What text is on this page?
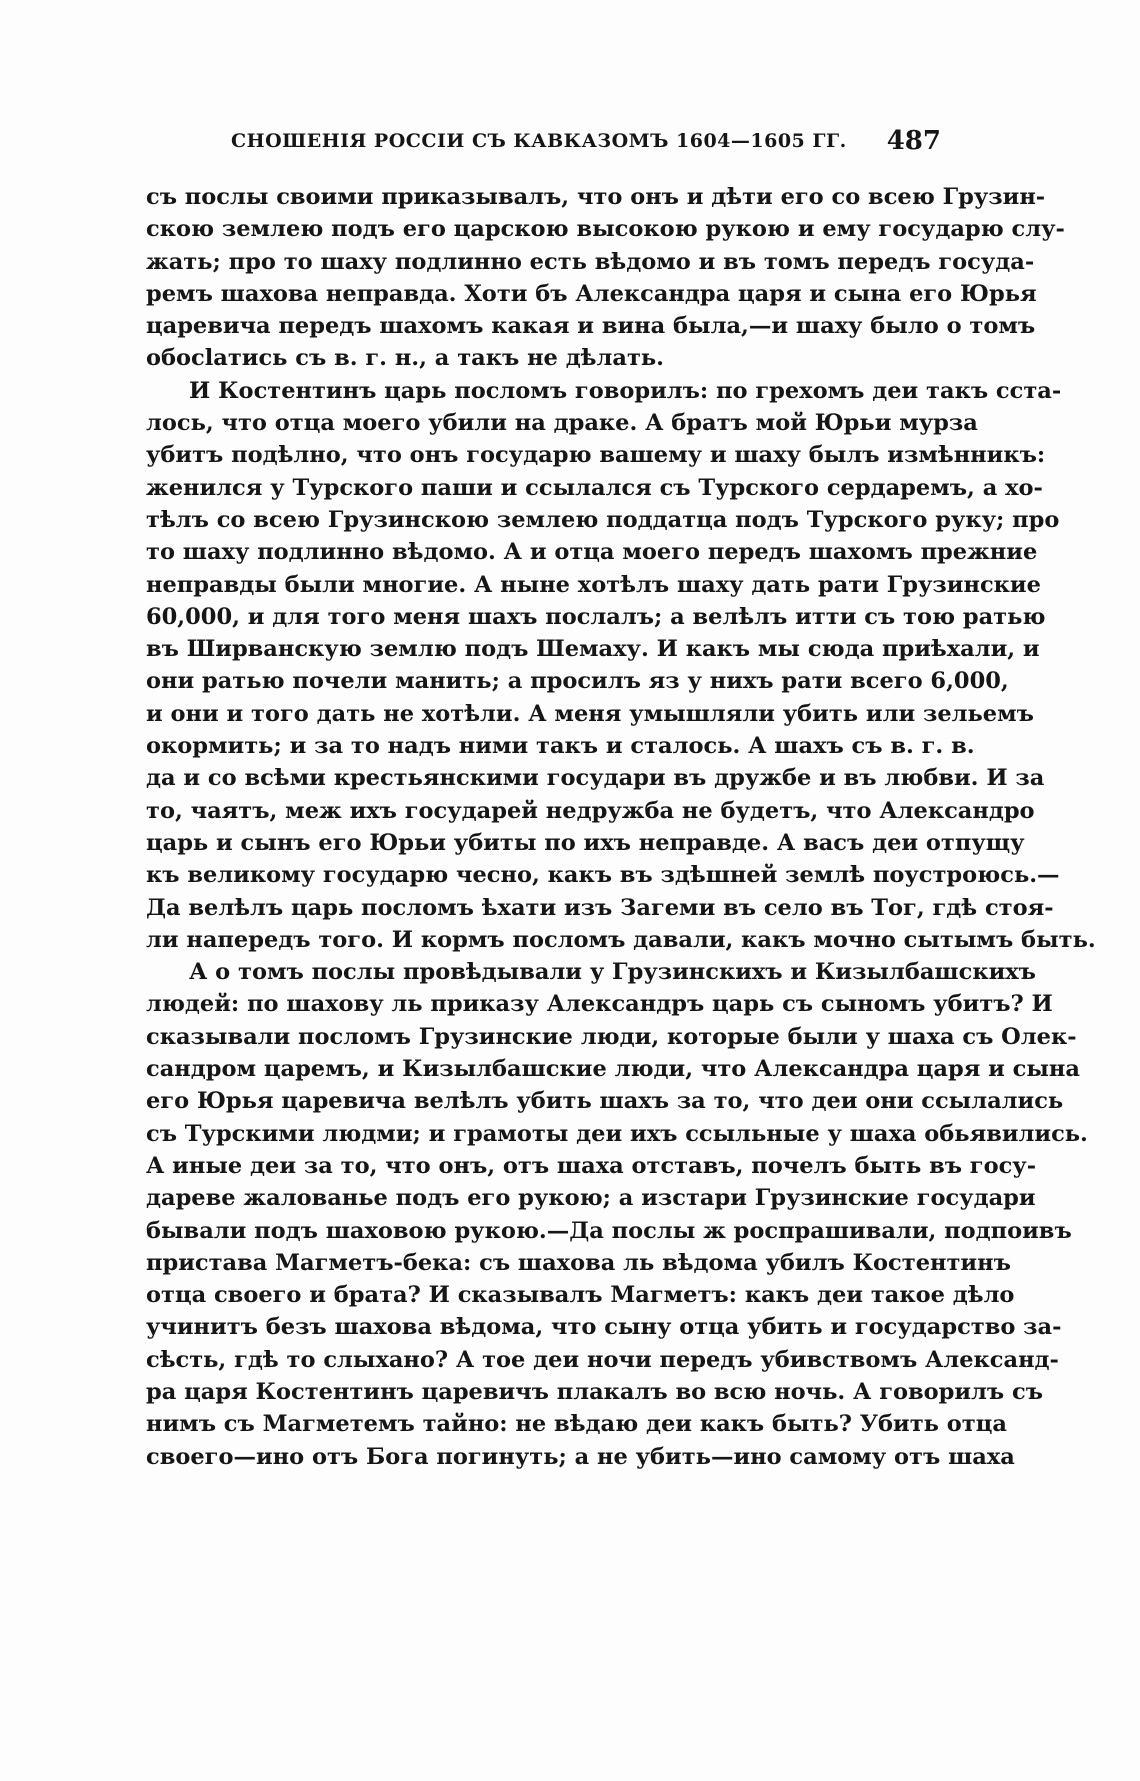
СНОШЕНІЯ РОССІИ СЪ КАВКАЗОМЪ 1604—1605 ГГ. 487
съ послы своими приказывалъ, что онъ и дѣти его со всею Грузин-
скою землею подъ его царскою высокою рукою и ему государю слу-
жать; про то шаху подлинно есть вѣдомо и въ томъ передъ госуда-
ремъ шахова неправда. Хоти бъ Александра царя и сына его Юрья
царевича передъ шахомъ какая и вина была,—и шаху было о томъ
обосlатись съ в. г. н., а такъ не дѣлать.
И Костентинъ царь посломъ говорилъ: по грехомъ деи такъ сста-
лось, что отца моего убили на драке. А братъ мой Юрьи мурза
убитъ подѣлно, что онъ государю вашему и шаху былъ измѣнникъ:
женился у Турского паши и ссылался съ Турского сердаремъ, а хо-
тѣлъ со всею Грузинскою землею поддатца подъ Турского руку; про
то шаху подлинно вѣдомо. А и отца моего передъ шахомъ прежние
неправды были многие. А ныне хотѣлъ шаху дать рати Грузинские
60,000, и для того меня шахъ послалъ; а велѣлъ итти съ тою ратью
въ Ширванскую землю подъ Шемаху. И какъ мы сюда приѣхали, и
они ратью почели манить; а просилъ яз у нихъ рати всего 6,000,
и они и того дать не хотѣли. А меня умышляли убить или зельемъ
окормить; и за то надъ ними такъ и сталось. А шахъ съ в. г. в.
да и со всѣми крестьянскими государи въ дружбе и въ любви. И за
то, чаятъ, меж ихъ государей недружба не будетъ, что Александро
царь и сынъ его Юрьи убиты по ихъ неправде. А васъ деи отпущу
къ великому государю чесно, какъ въ здѣшней землѣ поустроюсь.—
Да велѣлъ царь посломъ ѣхати изъ Загеми въ село въ Тог, гдѣ стоя-
ли напередъ того. И кормъ посломъ давали, какъ мочно сытымъ быть.
А о томъ послы провѣдывали у Грузинскихъ и Кизылбашскихъ
людей: по шахову ль приказу Александръ царь съ сыномъ убитъ? И
сказывали посломъ Грузинские люди, которые были у шаха съ Олек-
сандром царемъ, и Кизылбашские люди, что Александра царя и сына
его Юрья царевича велѣлъ убить шахъ за то, что деи они ссылались
съ Турскими людми; и грамоты деи ихъ ссыльные у шаха обьявились.
А иные деи за то, что онъ, отъ шаха отставъ, почелъ быть въ госу-
дареве жалованье подъ его рукою; а изстари Грузинские государи
бывали подъ шаховою рукою.—Да послы ж роспрашивали, подпоивъ
пристава Магметъ-бека: съ шахова ль вѣдома убилъ Костентинъ
отца своего и брата? И сказывалъ Магметъ: какъ деи такое дѣло
учинитъ безъ шахова вѣдома, что сыну отца убить и государство за-
сѣсть, гдѣ то слыхано? А тое деи ночи передъ убивствомъ Александ-
ра царя Костентинъ царевичъ плакалъ во всю ночь. А говорилъ съ
нимъ съ Магметемъ тайно: не вѣдаю деи какъ быть? Убить отца
своего—ино отъ Бога погинуть; а не убить—ино самому отъ шаха
